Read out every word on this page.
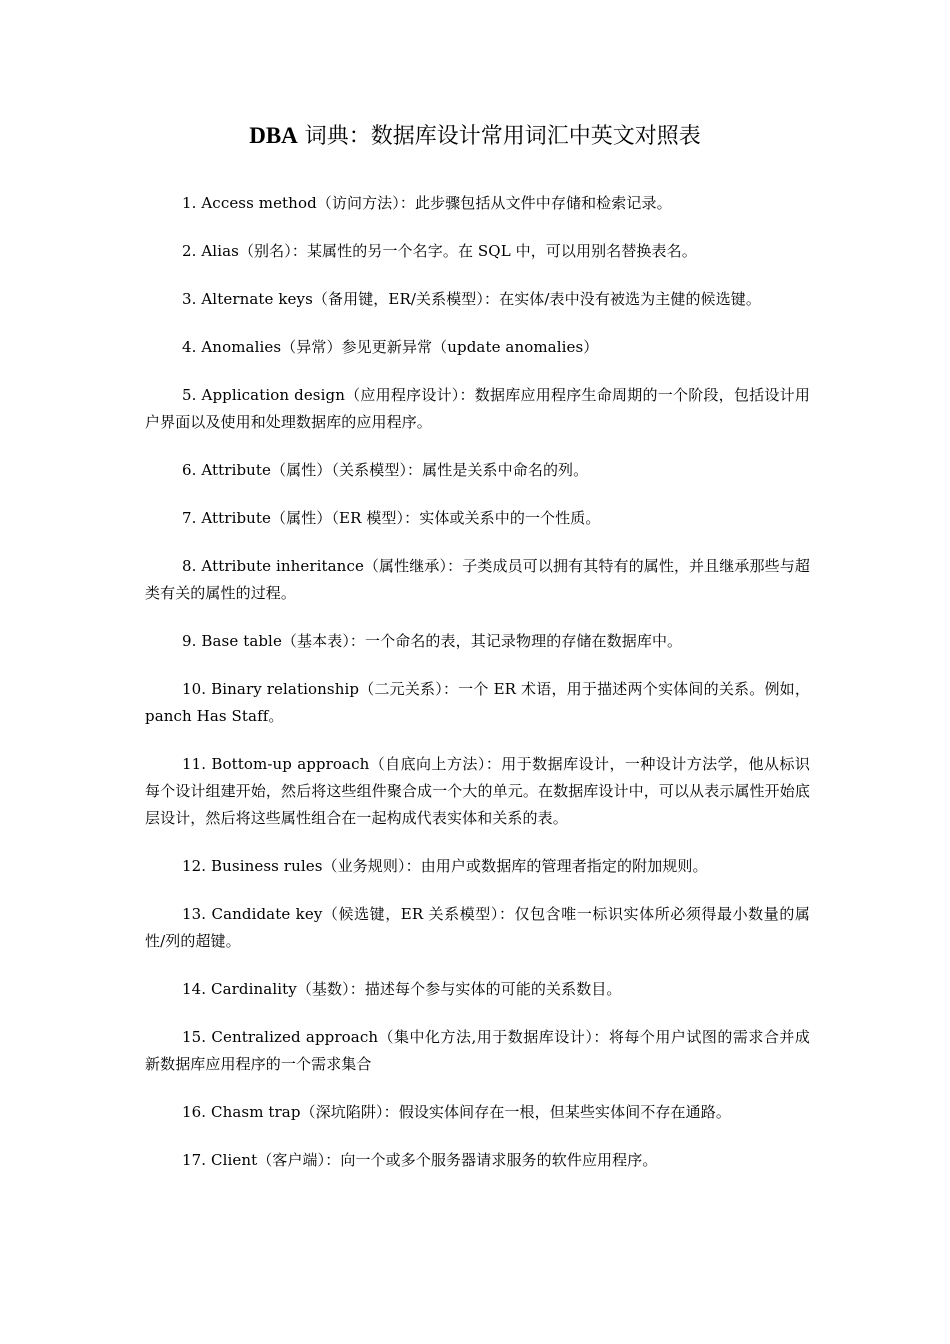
DBA 词典：数据库设计常用词汇中英文对照表
1. Access method（访问方法）：此步骤包括从文件中存储和检索记录。
2. Alias（别名）：某属性的另一个名字。在 SQL 中，可以用别名替换表名。
3. Alternate keys（备用键，ER/关系模型）：在实体/表中没有被选为主健的候选键。
4. Anomalies（异常）参见更新异常（update anomalies）
5. Application design（应用程序设计）：数据库应用程序生命周期的一个阶段，包括设计用户界面以及使用和处理数据库的应用程序。
6. Attribute（属性）（关系模型）：属性是关系中命名的列。
7. Attribute（属性）（ER 模型）：实体或关系中的一个性质。
8. Attribute inheritance（属性继承）：子类成员可以拥有其特有的属性，并且继承那些与超类有关的属性的过程。
9. Base table（基本表）：一个命名的表，其记录物理的存储在数据库中。
10. Binary relationship（二元关系）：一个 ER 术语，用于描述两个实体间的关系。例如，panch Has Staff。
11. Bottom-up approach（自底向上方法）：用于数据库设计，一种设计方法学，他从标识每个设计组建开始，然后将这些组件聚合成一个大的单元。在数据库设计中，可以从表示属性开始底层设计，然后将这些属性组合在一起构成代表实体和关系的表。
12. Business rules（业务规则）：由用户或数据库的管理者指定的附加规则。
13. Candidate key（候选键，ER 关系模型）：仅包含唯一标识实体所必须得最小数量的属性/列的超键。
14. Cardinality（基数）：描述每个参与实体的可能的关系数目。
15. Centralized approach（集中化方法,用于数据库设计）：将每个用户试图的需求合并成新数据库应用程序的一个需求集合
16. Chasm trap（深坑陷阱）：假设实体间存在一根，但某些实体间不存在通路。
17. Client（客户端）：向一个或多个服务器请求服务的软件应用程序。
